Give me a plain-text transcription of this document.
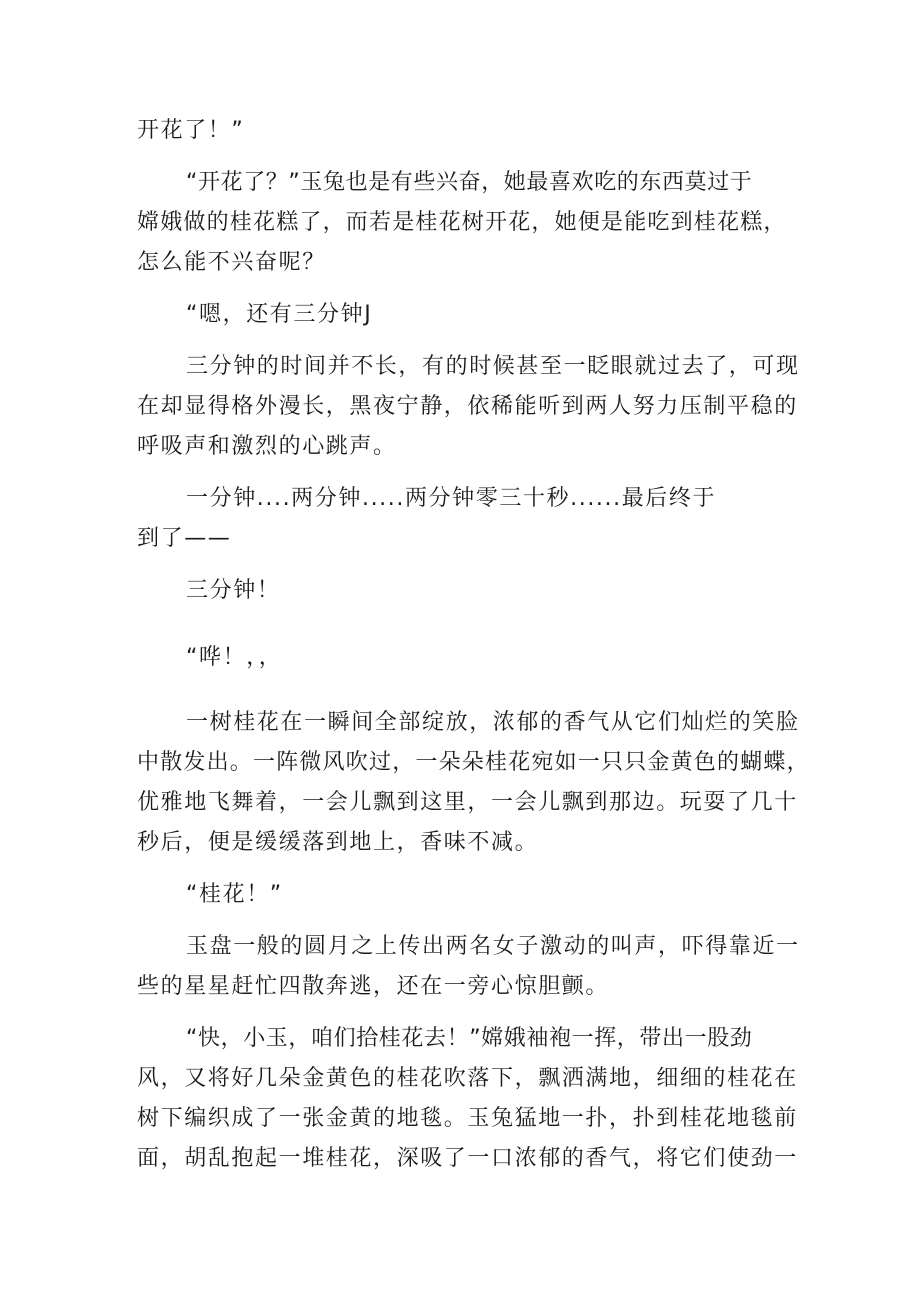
开花了！”
“开花了？”玉兔也是有些兴奋，她最喜欢吃的东西莫过于
嫦娥做的桂花糕了，而若是桂花树开花，她便是能吃到桂花糕，
怎么能不兴奋呢？
“嗯，还有三分钟J
三分钟的时间并不长，有的时候甚至一眨眼就过去了，可现
在却显得格外漫长，黑夜宁静，依稀能听到两人努力压制平稳的
呼吸声和激烈的心跳声。
一分钟....两分钟.....两分钟零三十秒......最后终于
到了——
三分钟！
“哗！，，
一树桂花在一瞬间全部绽放，浓郁的香气从它们灿烂的笑脸
中散发出。一阵微风吹过，一朵朵桂花宛如一只只金黄色的蝴蝶，
优雅地飞舞着，一会儿飘到这里，一会儿飘到那边。玩耍了几十
秒后，便是缓缓落到地上，香味不减。
“桂花！”
玉盘一般的圆月之上传出两名女子激动的叫声，吓得靠近一
些的星星赶忙四散奔逃，还在一旁心惊胆颤。
“快，小玉，咱们拾桂花去！”嫦娥袖袍一挥，带出一股劲
风，又将好几朵金黄色的桂花吹落下，飘洒满地，细细的桂花在
树下编织成了一张金黄的地毯。玉兔猛地一扑，扑到桂花地毯前
面，胡乱抱起一堆桂花，深吸了一口浓郁的香气，将它们使劲一
